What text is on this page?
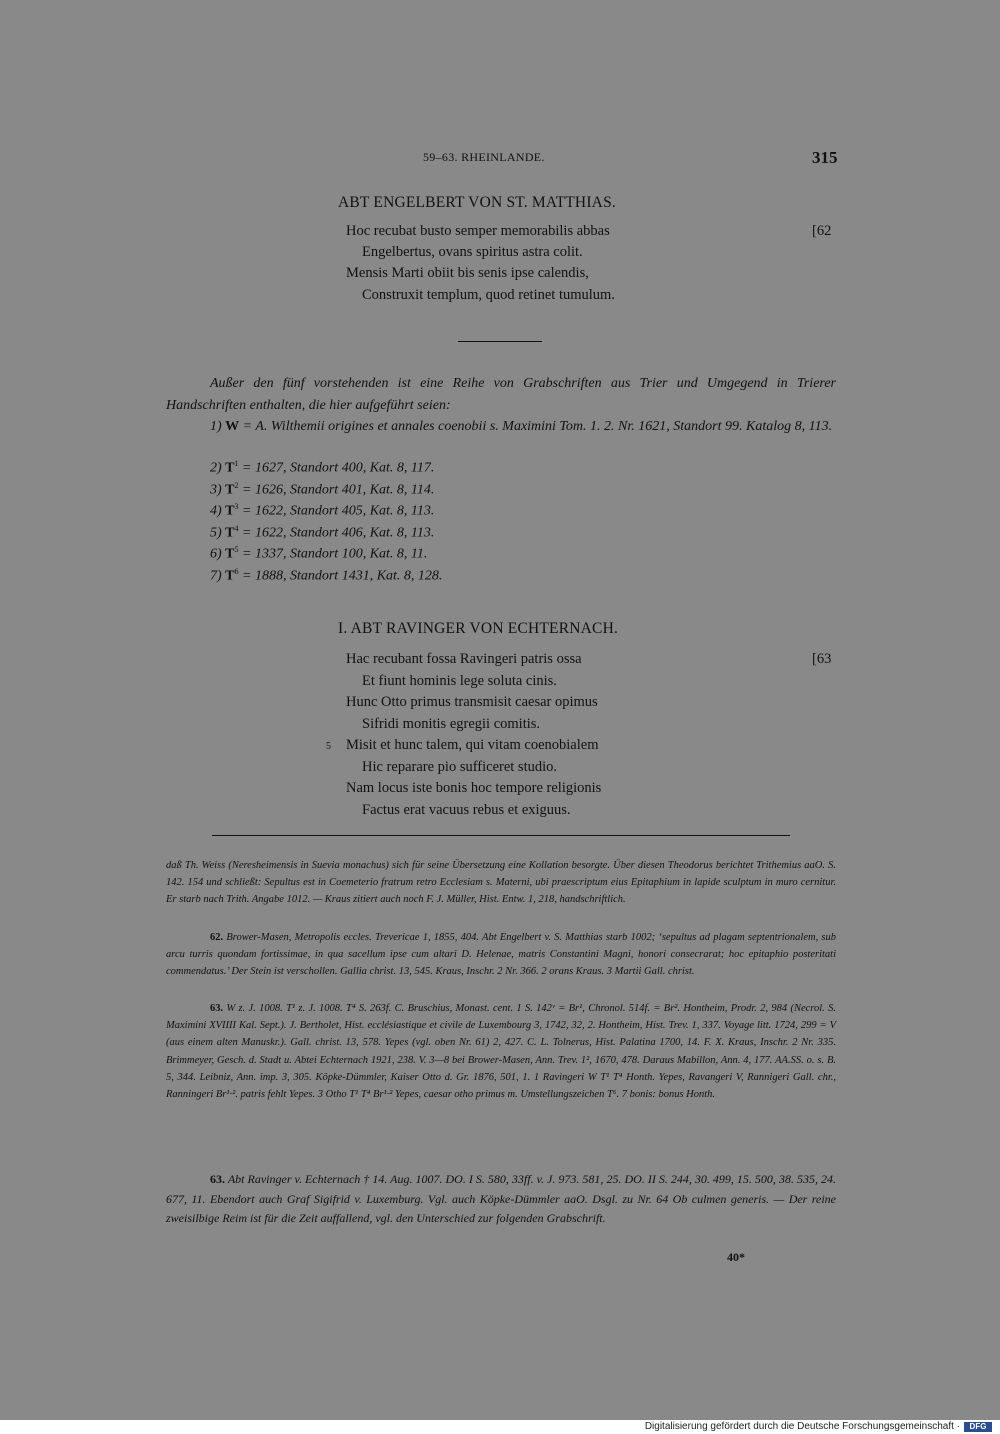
59–63. RHEINLANDE.	315
ABT ENGELBERT VON ST. MATTHIAS.
Hoc recubat busto semper memorabilis abbas	[62
Engelbertus, ovans spiritus astra colit.
Mensis Marti obiit bis senis ipse calendis,
Construxit templum, quod retinet tumulum.

Außer den fünf vorstehenden ist eine Reihe von Grabschriften aus Trier und Umgegend in Trierer Handschriften enthalten, die hier aufgeführt seien:

1) W = A. Wilthemii origines et annales coenobii s. Maximini Tom. 1. 2. Nr. 1621, Standort 99. Katalog 8, 113.

2) $T^1 = 1627$, Standort 400, Kat. 8, 117.
3) $T^2 = 1626$, Standort 401, Kat. 8, 114.
4) $T^3 = 1622$, Standort 405, Kat. 8, 113.
5) $T^4 = 1622$, Standort 406, Kat. 8, 113.
6) $T^5 = 1337$, Standort 100, Kat. 8, 11.
7) $T^6 = 1888$, Standort 1431, Kat. 8, 128.
I. ABT RAVINGER VON ECHTERNACH.
Hac recubant fossa Ravingeri patris ossa	[63
Et fiunt hominis lege soluta cinis.
Hunc Otto primus transmisit caesar opimus
Sifridi monitis egregii comitis.
5 Misit et hunc talem, qui vitam coenobialem
Hic reparare pio sufficeret studio.
Nam locus iste bonis hoc tempore religionis
Factus erat vacuus rebus et exiguus.

daß Th. Weiss (Neresheimensis in Suevia monachus) sich für seine Übersetzung eine Kollation besorgte. Über diesen Theodorus berichtet Trithemius aaO. S. 142. 154 und schließt: Sepultus est in Coemeterio fratrum retro Ecclesiam s. Materni, ubi praescriptum eius Epitaphium in lapide sculptum in muro cernitur. Er starb nach Trith. Angabe 1012. — Kraus zitiert auch noch F. J. Müller, Hist. Entw. 1, 218, handschriftlich.

62. Brower-Masen, Metropolis eccles. Trevericae 1, 1855, 404. Abt Engelbert v. S. Matthias starb 1002; ‘sepultus ad plagam septentrionalem, sub arcu turris quondam fortissimae, in qua sacellum ipse cum altari D. Helenae, matris Constantini Magni, honori consecrarat; hoc epitaphio posteritati commendatus.’ Der Stein ist verschollen. Gallia christ. 13, 545. Kraus, Inschr. 2 Nr. 366. 2 orans Kraus. 3 Martii Gall. christ.

63. W z. J. 1008. T¹ z. J. 1008. T⁴ S. 263f. C. Bruschius, Monast. cent. 1 S. 142ᵛ = Br¹, Chronol. 514f. = Br². Hontheim, Prodr. 2, 984 (Necrol. S. Maximini XVIIII Kal. Sept.). J. Bertholet, Hist. ecclésiastique et civile de Luxembourg 3, 1742, 32, 2. Hontheim, Hist. Trev. 1, 337. Voyage litt. 1724, 299 = V (aus einem alten Manuskr.). Gall. christ. 13, 578. Yepes (vgl. oben Nr. 61) 2, 427. C. L. Tolnerus, Hist. Palatina 1700, 14. F. X. Kraus, Inschr. 2 Nr. 335. Brimmeyer, Gesch. d. Stadt u. Abtei Echternach 1921, 238. V. 3—8 bei Brower-Masen, Ann. Trev. 1², 1670, 478. Daraus Mabillon, Ann. 4, 177. AA.SS. o. s. B. 5, 344. Leibniz, Ann. imp. 3, 305. Köpke-Dümmler, Kaiser Otto d. Gr. 1876, 501, 1. 1 Ravingeri W T¹ T⁴ Honth. Yepes, Ravangeri V, Rannigeri Gall. chr., Ranningeri Br¹·². patris fehlt Yepes. 3 Otho T¹ T⁴ Br¹·² Yepes, caesar otho primus m. Umstellungszeichen T⁶. 7 bonis: bonus Honth.

63. Abt Ravinger v. Echternach † 14. Aug. 1007. DO. I S. 580, 33ff. v. J. 973. 581, 25. DO. II S. 244, 30. 499, 15. 500, 38. 535, 24. 677, 11. Ebendort auch Graf Sigifrid v. Luxemburg. Vgl. auch Köpke-Dümmler aaO. Dsgl. zu Nr. 64 Ob culmen generis. — Der reine zweisilbige Reim ist für die Zeit auffallend, vgl. den Unterschied zur folgenden Grabschrift.
40*
Digitalisierung gefördert durch die Deutsche Forschungsgemeinschaft ·	DFG
